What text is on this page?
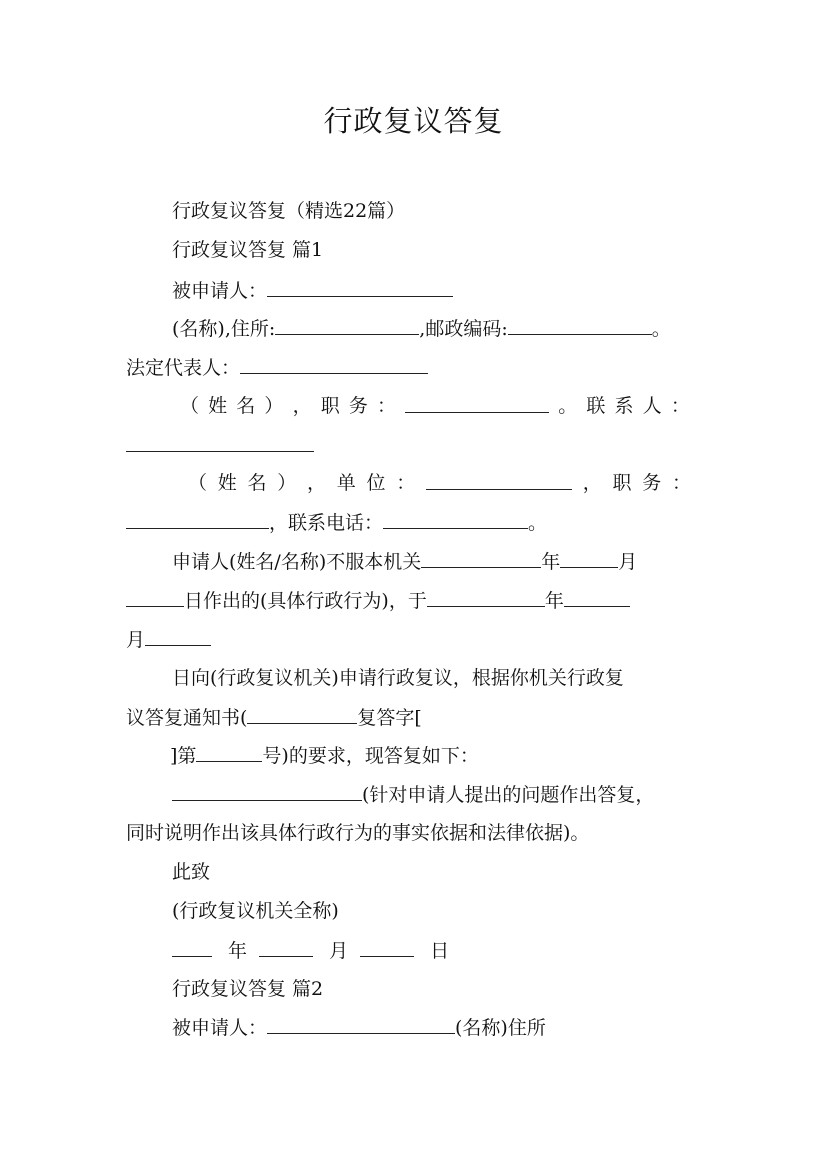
行政复议答复
行政复议答复（精选22篇）
行政复议答复 篇1
被申请人：
(名称),住所:	,邮政编码:	。
法定代表人：
（ 姓 名 ） ， 职 务 ：	。 联 系 人 ：
（ 姓 名 ） ， 单 位 ：	， 职 务 ：
，联系电话：	。
申请人(姓名/名称)不服本机关	年	月
日作出的(具体行政行为)，于	年
月
日向(行政复议机关)申请行政复议，根据你机关行政复
议答复通知书(	复答字[
]第	号)的要求，现答复如下：
(针对申请人提出的问题作出答复，
同时说明作出该具体行政行为的事实依据和法律依据)。
此致
(行政复议机关全称)
年	月	日
行政复议答复 篇2
被申请人：	(名称)住所
